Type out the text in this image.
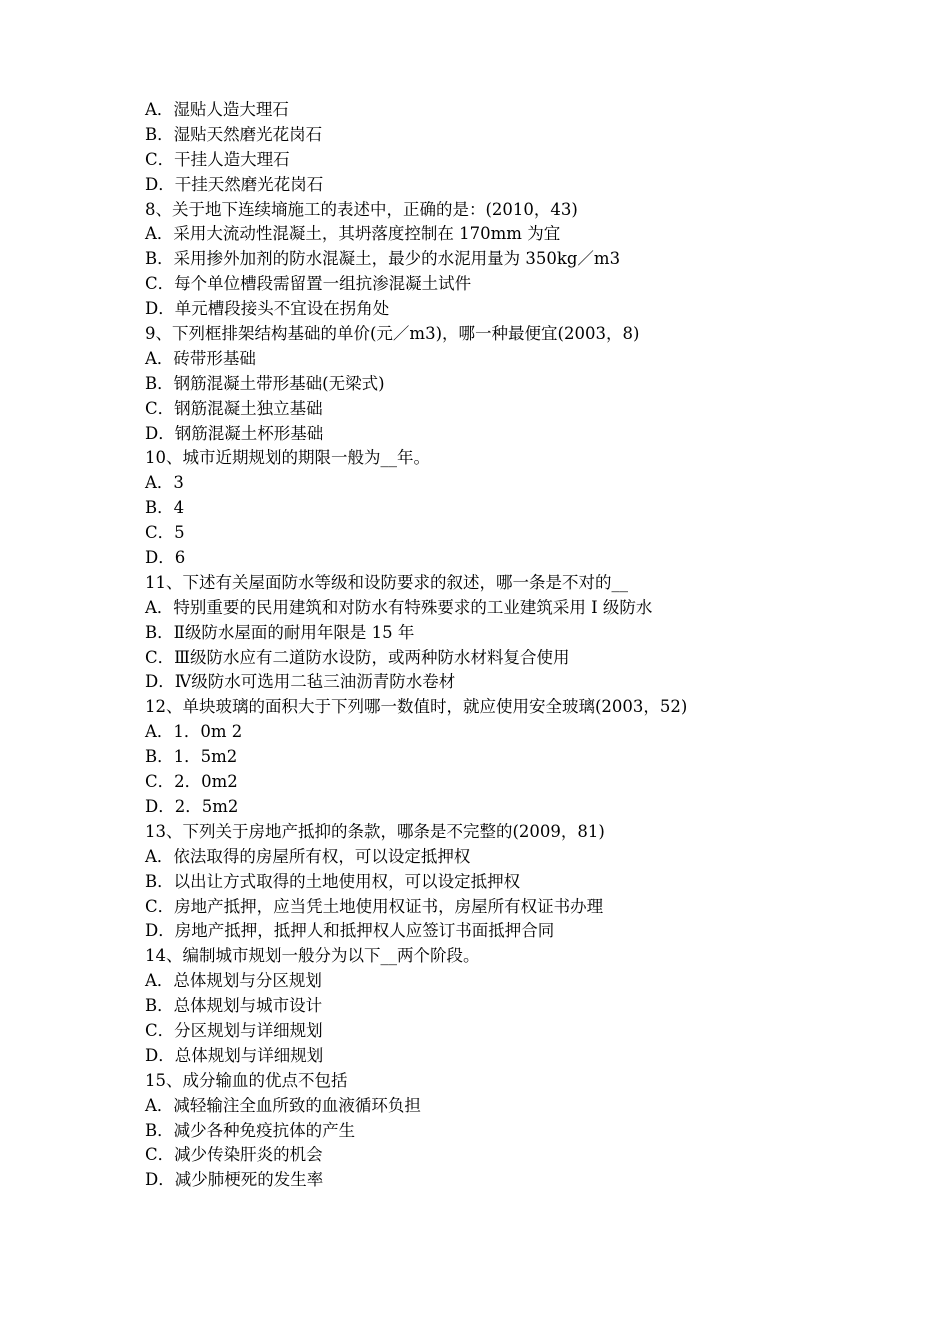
A．湿贴人造大理石
B．湿贴天然磨光花岗石
C．干挂人造大理石
D．干挂天然磨光花岗石
8、关于地下连续墒施工的表述中，正确的是：(2010，43)
A．采用大流动性混凝土，其坍落度控制在 170mm 为宜
B．采用掺外加剂的防水混凝土，最少的水泥用量为 350kg／m3
C．每个单位槽段需留置一组抗渗混凝土试件
D．单元槽段接头不宜设在拐角处
9、下列框排架结构基础的单价(元／m3)，哪一种最便宜(2003，8)
A．砖带形基础
B．钢筋混凝土带形基础(无梁式)
C．钢筋混凝土独立基础
D．钢筋混凝土杯形基础
10、城市近期规划的期限一般为__年。
A．3
B．4
C．5
D．6
11、下述有关屋面防水等级和设防要求的叙述，哪一条是不对的__
A．特别重要的民用建筑和对防水有特殊要求的工业建筑采用 I 级防水
B．Ⅱ级防水屋面的耐用年限是 15 年
C．Ⅲ级防水应有二道防水设防，或两种防水材料复合使用
D．Ⅳ级防水可选用二毡三油沥青防水卷材
12、单块玻璃的面积大于下列哪一数值时，就应使用安全玻璃(2003，52)
A．1．0m 2
B．1．5m2
C．2．0m2
D．2．5m2
13、下列关于房地产抵抑的条款，哪条是不完整的(2009，81)
A．依法取得的房屋所有权，可以设定抵押权
B．以出让方式取得的土地使用权，可以设定抵押权
C．房地产抵押，应当凭土地使用权证书，房屋所有权证书办理
D．房地产抵押，抵押人和抵押权人应签订书面抵押合同
14、编制城市规划一般分为以下__两个阶段。
A．总体规划与分区规划
B．总体规划与城市设计
C．分区规划与详细规划
D．总体规划与详细规划
15、成分输血的优点不包括
A．减轻输注全血所致的血液循环负担
B．减少各种免疫抗体的产生
C．减少传染肝炎的机会
D．减少肺梗死的发生率
